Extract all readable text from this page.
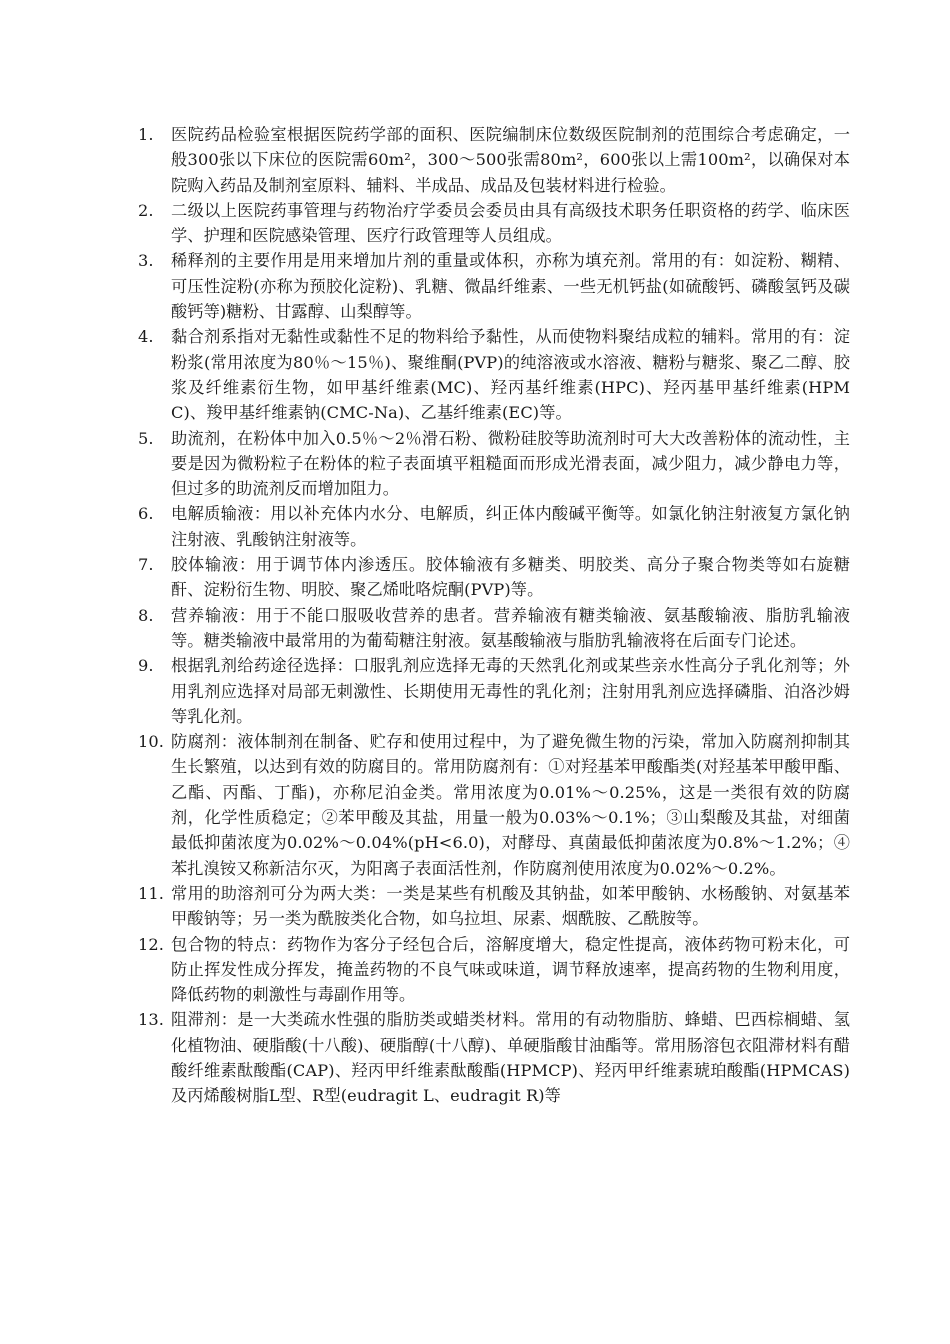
1.	医院药品检验室根据医院药学部的面积、医院编制床位数级医院制剂的范围综合考虑确定，一般300张以下床位的医院需60m²，300～500张需80m²，600张以上需100m²，以确保对本院购入药品及制剂室原料、辅料、半成品、成品及包装材料进行检验。
2.	二级以上医院药事管理与药物治疗学委员会委员由具有高级技术职务任职资格的药学、临床医学、护理和医院感染管理、医疗行政管理等人员组成。
3.	稀释剂的主要作用是用来增加片剂的重量或体积，亦称为填充剂。常用的有：如淀粉、糊精、可压性淀粉(亦称为预胶化淀粉)、乳糖、微晶纤维素、一些无机钙盐(如硫酸钙、磷酸氢钙及碳酸钙等)糖粉、甘露醇、山梨醇等。
4.	黏合剂系指对无黏性或黏性不足的物料给予黏性，从而使物料聚结成粒的辅料。常用的有：淀粉浆(常用浓度为80％～15％)、聚维酮(PVP)的纯溶液或水溶液、糖粉与糖浆、聚乙二醇、胶浆及纤维素衍生物，如甲基纤维素(MC)、羟丙基纤维素(HPC)、羟丙基甲基纤维素(HPMC)、羧甲基纤维素钠(CMC-Na)、乙基纤维素(EC)等。
5.	助流剂，在粉体中加入0.5％～2％滑石粉、微粉硅胶等助流剂时可大大改善粉体的流动性，主要是因为微粉粒子在粉体的粒子表面填平粗糙面而形成光滑表面，减少阻力，减少静电力等，但过多的助流剂反而增加阻力。
6.	电解质输液：用以补充体内水分、电解质，纠正体内酸碱平衡等。如氯化钠注射液复方氯化钠注射液、乳酸钠注射液等。
7.	胶体输液：用于调节体内渗透压。胶体输液有多糖类、明胶类、高分子聚合物类等如右旋糖酐、淀粉衍生物、明胶、聚乙烯吡咯烷酮(PVP)等。
8.	营养输液：用于不能口服吸收营养的患者。营养输液有糖类输液、氨基酸输液、脂肪乳输液等。糖类输液中最常用的为葡萄糖注射液。氨基酸输液与脂肪乳输液将在后面专门论述。
9.	根据乳剂给药途径选择：口服乳剂应选择无毒的天然乳化剂或某些亲水性高分子乳化剂等；外用乳剂应选择对局部无刺激性、长期使用无毒性的乳化剂；注射用乳剂应选择磷脂、泊洛沙姆等乳化剂。
10. 防腐剂：液体制剂在制备、贮存和使用过程中，为了避免微生物的污染，常加入防腐剂抑制其生长繁殖，以达到有效的防腐目的。常用防腐剂有：①对羟基苯甲酸酯类(对羟基苯甲酸甲酯、乙酯、丙酯、丁酯)，亦称尼泊金类。常用浓度为0.01%～0.25%，这是一类很有效的防腐剂，化学性质稳定；②苯甲酸及其盐，用量一般为0.03%～0.1%；③山梨酸及其盐，对细菌最低抑菌浓度为0.02%～0.04%(pH<6.0)，对酵母、真菌最低抑菌浓度为0.8%～1.2%；④苯扎溴铵又称新洁尔灭，为阳离子表面活性剂，作防腐剂使用浓度为0.02%～0.2%。
11. 常用的助溶剂可分为两大类：一类是某些有机酸及其钠盐，如苯甲酸钠、水杨酸钠、对氨基苯甲酸钠等；另一类为酰胺类化合物，如乌拉坦、尿素、烟酰胺、乙酰胺等。
12. 包合物的特点：药物作为客分子经包合后，溶解度增大，稳定性提高，液体药物可粉末化，可防止挥发性成分挥发，掩盖药物的不良气味或味道，调节释放速率，提高药物的生物利用度，降低药物的刺激性与毒副作用等。
13. 阻滞剂：是一大类疏水性强的脂肪类或蜡类材料。常用的有动物脂肪、蜂蜡、巴西棕榈蜡、氢化植物油、硬脂酸(十八酸)、硬脂醇(十八醇)、单硬脂酸甘油酯等。常用肠溶包衣阻滞材料有醋酸纤维素酞酸酯(CAP)、羟丙甲纤维素酞酸酯(HPMCP)、羟丙甲纤维素琥珀酸酯(HPMCAS)及丙烯酸树脂L型、R型(eudragit L、eudragit R)等
